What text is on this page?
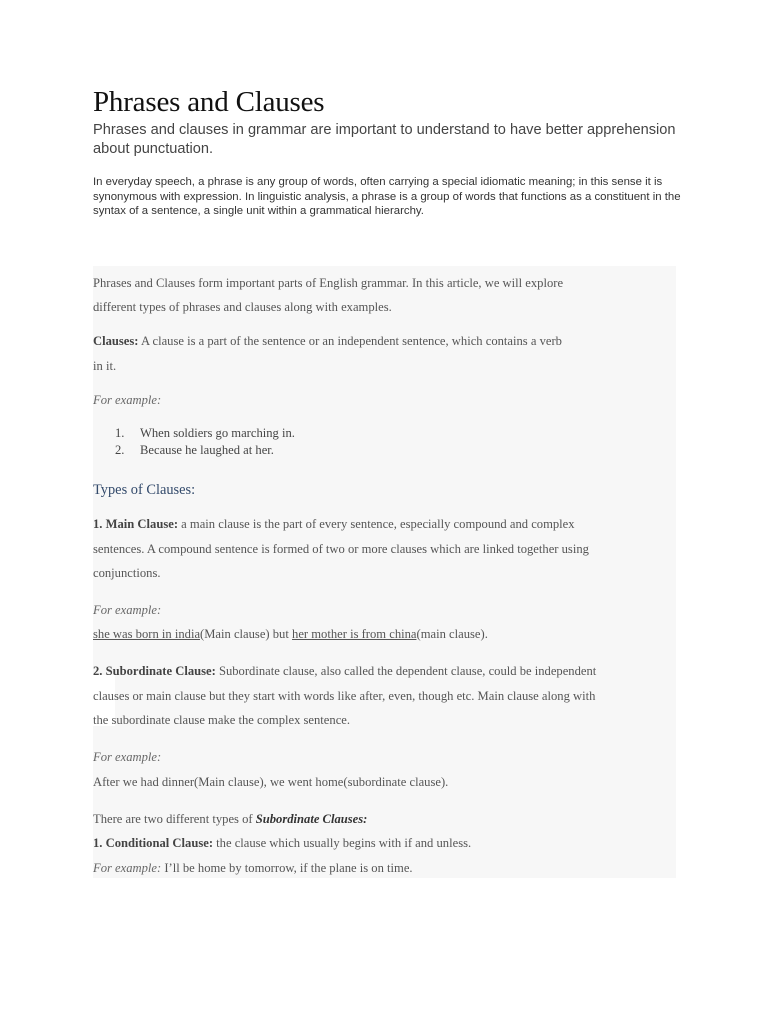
Phrases and Clauses

Phrases and clauses in grammar are important to understand to have better apprehension about punctuation.

In everyday speech, a phrase is any group of words, often carrying a special idiomatic meaning; in this sense it is synonymous with expression. In linguistic analysis, a phrase is a group of words that functions as a constituent in the syntax of a sentence, a single unit within a grammatical hierarchy.

Phrases and Clauses form important parts of English grammar. In this article, we will explore

different types of phrases and clauses along with examples.

Clauses: A clause is a part of the sentence or an independent sentence, which contains a verb

in it.

For example:

1. When soldiers go marching in.
2. Because he laughed at her.

Types of Clauses:

1. Main Clause: a main clause is the part of every sentence, especially compound and complex

sentences. A compound sentence is formed of two or more clauses which are linked together using

conjunctions.

For example:

she was born in india(Main clause) but her mother is from china(main clause).

2. Subordinate Clause: Subordinate clause, also called the dependent clause, could be independent

clauses or main clause but they start with words like after, even, though etc. Main clause along with

the subordinate clause make the complex sentence.

For example:

After we had dinner(Main clause), we went home(subordinate clause).

There are two different types of Subordinate Clauses:

1. Conditional Clause: the clause which usually begins with if and unless.

For example: I’ll be home by tomorrow, if the plane is on time.
